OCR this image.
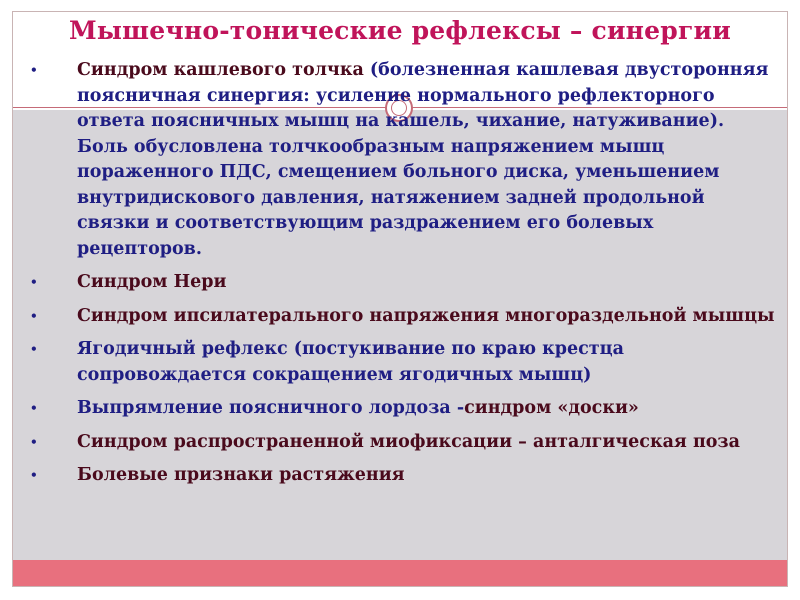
Мышечно-тонические рефлексы – синергии
• Синдром кашлевого толчка (болезненная кашлевая двусторонняя поясничная синергия: усиление нормального рефлекторного ответа поясничных мышц на кашель, чихание, натуживание). Боль обусловлена толчкообразным напряжением мышц пораженного ПДС, смещением больного диска, уменьшением внутридискового давления, натяжением задней продольной связки и соответствующим раздражением его болевых рецепторов.
• Синдром Нери
• Синдром ипсилатерального напряжения многораздельной мышцы
• Ягодичный рефлекс (постукивание по краю крестца сопровождается сокращением ягодичных мышц)
• Выпрямление поясничного лордоза -синдром «доски»
• Синдром распространенной миофиксации – анталгическая поза
• Болевые признаки растяжения
